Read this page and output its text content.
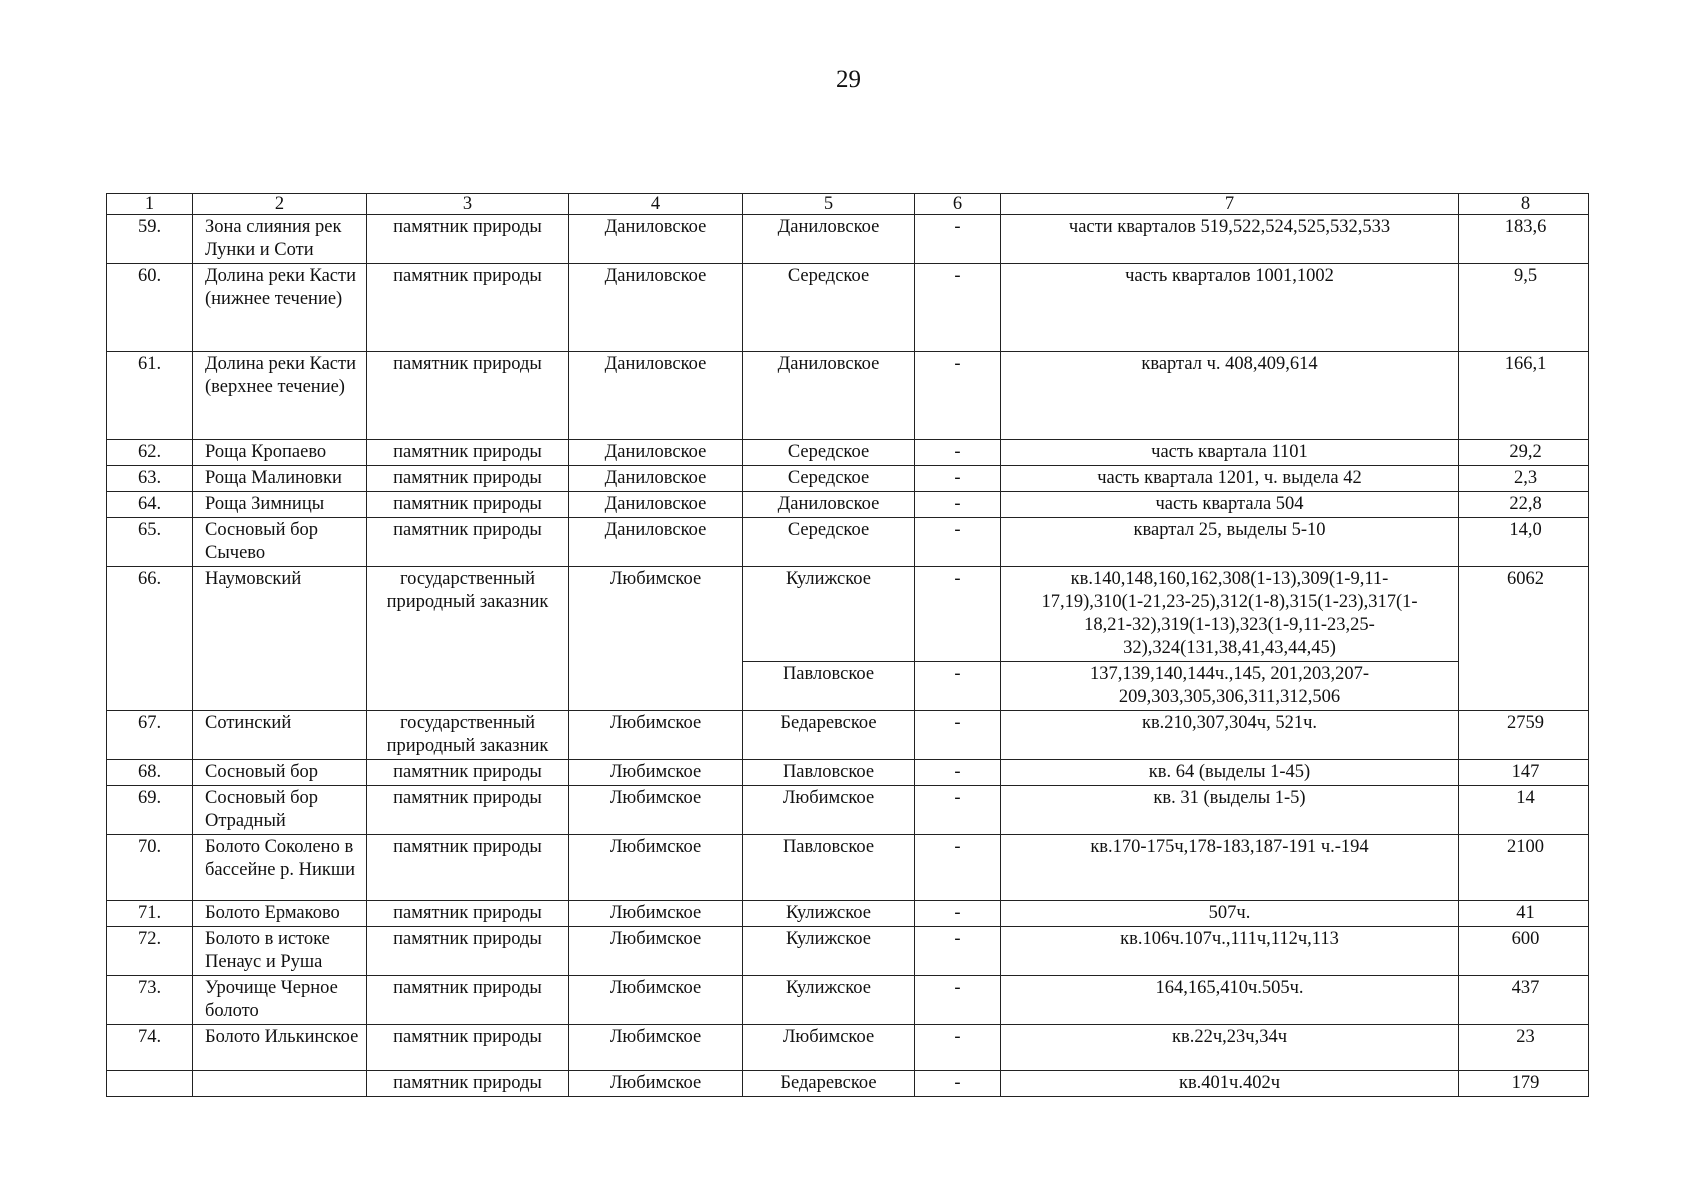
29
1	2	3	4	5	6	7	8
59.	Зона слияния рек Лунки и Соти	памятник природы	Даниловское	Даниловское	-	части кварталов 519,522,524,525,532,533	183,6
60.	Долина реки Касти (нижнее течение)	памятник природы	Даниловское	Середское	-	часть кварталов 1001,1002	9,5
61.	Долина реки Касти (верхнее течение)	памятник природы	Даниловское	Даниловское	-	квартал ч. 408,409,614	166,1
62.	Роща Кропаево	памятник природы	Даниловское	Середское	-	часть квартала 1101	29,2
63.	Роща Малиновки	памятник природы	Даниловское	Середское	-	часть квартала 1201, ч. выдела 42	2,3
64.	Роща Зимницы	памятник природы	Даниловское	Даниловское	-	часть квартала 504	22,8
65.	Сосновый бор Сычево	памятник природы	Даниловское	Середское	-	квартал 25, выделы 5-10	14,0
66.	Наумовский	государственный природный заказник	Любимское	Кулижское	-	кв.140,148,160,162,308(1-13),309(1-9,11-17,19),310(1-21,23-25),312(1-8),315(1-23),317(1-18,21-32),319(1-13),323(1-9,11-23,25-32),324(131,38,41,43,44,45)	6062
				Павловское	-	137,139,140,144ч.,145, 201,203,207-209,303,305,306,311,312,506	
67.	Сотинский	государственный природный заказник	Любимское	Бедаревское	-	кв.210,307,304ч, 521ч.	2759
68.	Сосновый бор	памятник природы	Любимское	Павловское	-	кв. 64 (выделы 1-45)	147
69.	Сосновый бор Отрадный	памятник природы	Любимское	Любимское	-	кв. 31 (выделы 1-5)	14
70.	Болото Соколено в бассейне р. Никши	памятник природы	Любимское	Павловское	-	кв.170-175ч,178-183,187-191 ч.-194	2100
71.	Болото Ермаково	памятник природы	Любимское	Кулижское	-	507ч.	41
72.	Болото в истоке Пенаус и Руша	памятник природы	Любимское	Кулижское	-	кв.106ч.107ч.,111ч,112ч,113	600
73.	Урочище Черное болото	памятник природы	Любимское	Кулижское	-	164,165,410ч.505ч.	437
74.	Болото Илькинское	памятник природы	Любимское	Любимское	-	кв.22ч,23ч,34ч	23
		памятник природы	Любимское	Бедаревское	-	кв.401ч.402ч	179
